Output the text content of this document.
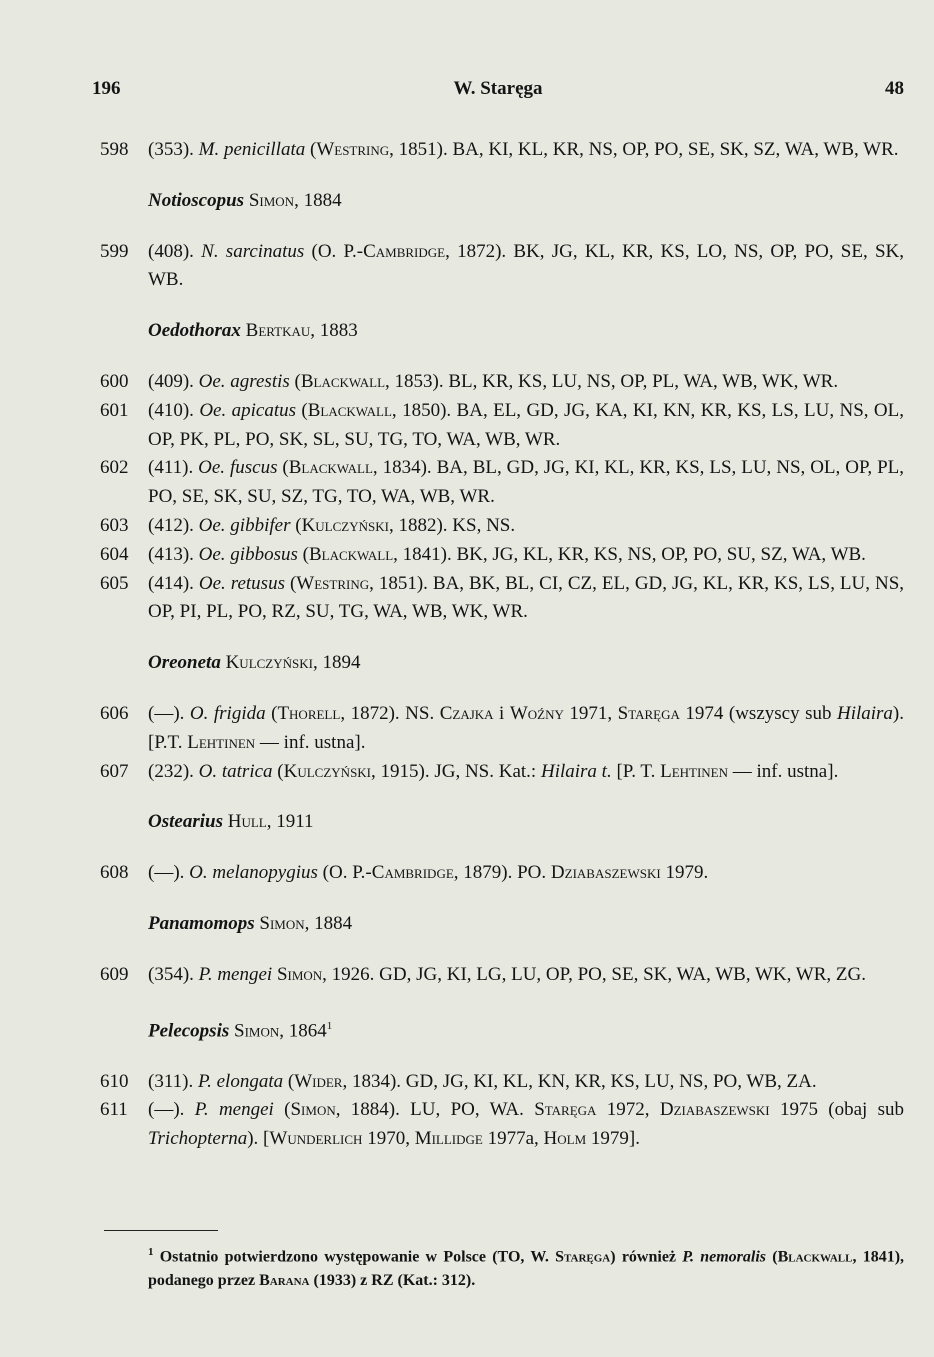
196	W. Staręga	48
598 (353). M. penicillata (Westring, 1851). BA, KI, KL, KR, NS, OP, PO, SE, SK, SZ, WA, WB, WR.
Notioscopus Simon, 1884
599 (408). N. sarcinatus (O. P.-Cambridge, 1872). BK, JG, KL, KR, KS, LO, NS, OP, PO, SE, SK, WB.
Oedothorax Bertkau, 1883
600 (409). Oe. agrestis (Blackwall, 1853). BL, KR, KS, LU, NS, OP, PL, WA, WB, WK, WR.
601 (410). Oe. apicatus (Blackwall, 1850). BA, EL, GD, JG, KA, KI, KN, KR, KS, LS, LU, NS, OL, OP, PK, PL, PO, SK, SL, SU, TG, TO, WA, WB, WR.
602 (411). Oe. fuscus (Blackwall, 1834). BA, BL, GD, JG, KI, KL, KR, KS, LS, LU, NS, OL, OP, PL, PO, SE, SK, SU, SZ, TG, TO, WA, WB, WR.
603 (412). Oe. gibbifer (Kulczyński, 1882). KS, NS.
604 (413). Oe. gibbosus (Blackwall, 1841). BK, JG, KL, KR, KS, NS, OP, PO, SU, SZ, WA, WB.
605 (414). Oe. retusus (Westring, 1851). BA, BK, BL, CI, CZ, EL, GD, JG, KL, KR, KS, LS, LU, NS, OP, PI, PL, PO, RZ, SU, TG, WA, WB, WK, WR.
Oreoneta Kulczyński, 1894
606 (—). O. frigida (Thorell, 1872). NS. Czajka i Woźny 1971, Staręga 1974 (wszyscy sub Hilaira). [P.T. Lehtinen — inf. ustna].
607 (232). O. tatrica (Kulczyński, 1915). JG, NS. Kat.: Hilaira t. [P. T. Lehtinen — inf. ustna].
Ostearius Hull, 1911
608 (—). O. melanopygius (O. P.-Cambridge, 1879). PO. Dziabaszewski 1979.
Panamomops Simon, 1884
609 (354). P. mengei Simon, 1926. GD, JG, KI, LG, LU, OP, PO, SE, SK, WA, WB, WK, WR, ZG.
Pelecopsis Simon, 1864$^1$
610 (311). P. elongata (Wider, 1834). GD, JG, KI, KL, KN, KR, KS, LU, NS, PO, WB, ZA.
611 (—). P. mengei (Simon, 1884). LU, PO, WA. Staręga 1972, Dziabaszewski 1975 (obaj sub Trichopterna). [Wunderlich 1970, Millidge 1977a, Holm 1979].
$^1$ Ostatnio potwierdzono występowanie w Polsce (TO, W. Staręga) również P. nemoralis (Blackwall, 1841), podanego przez Barana (1933) z RZ (Kat.: 312).
